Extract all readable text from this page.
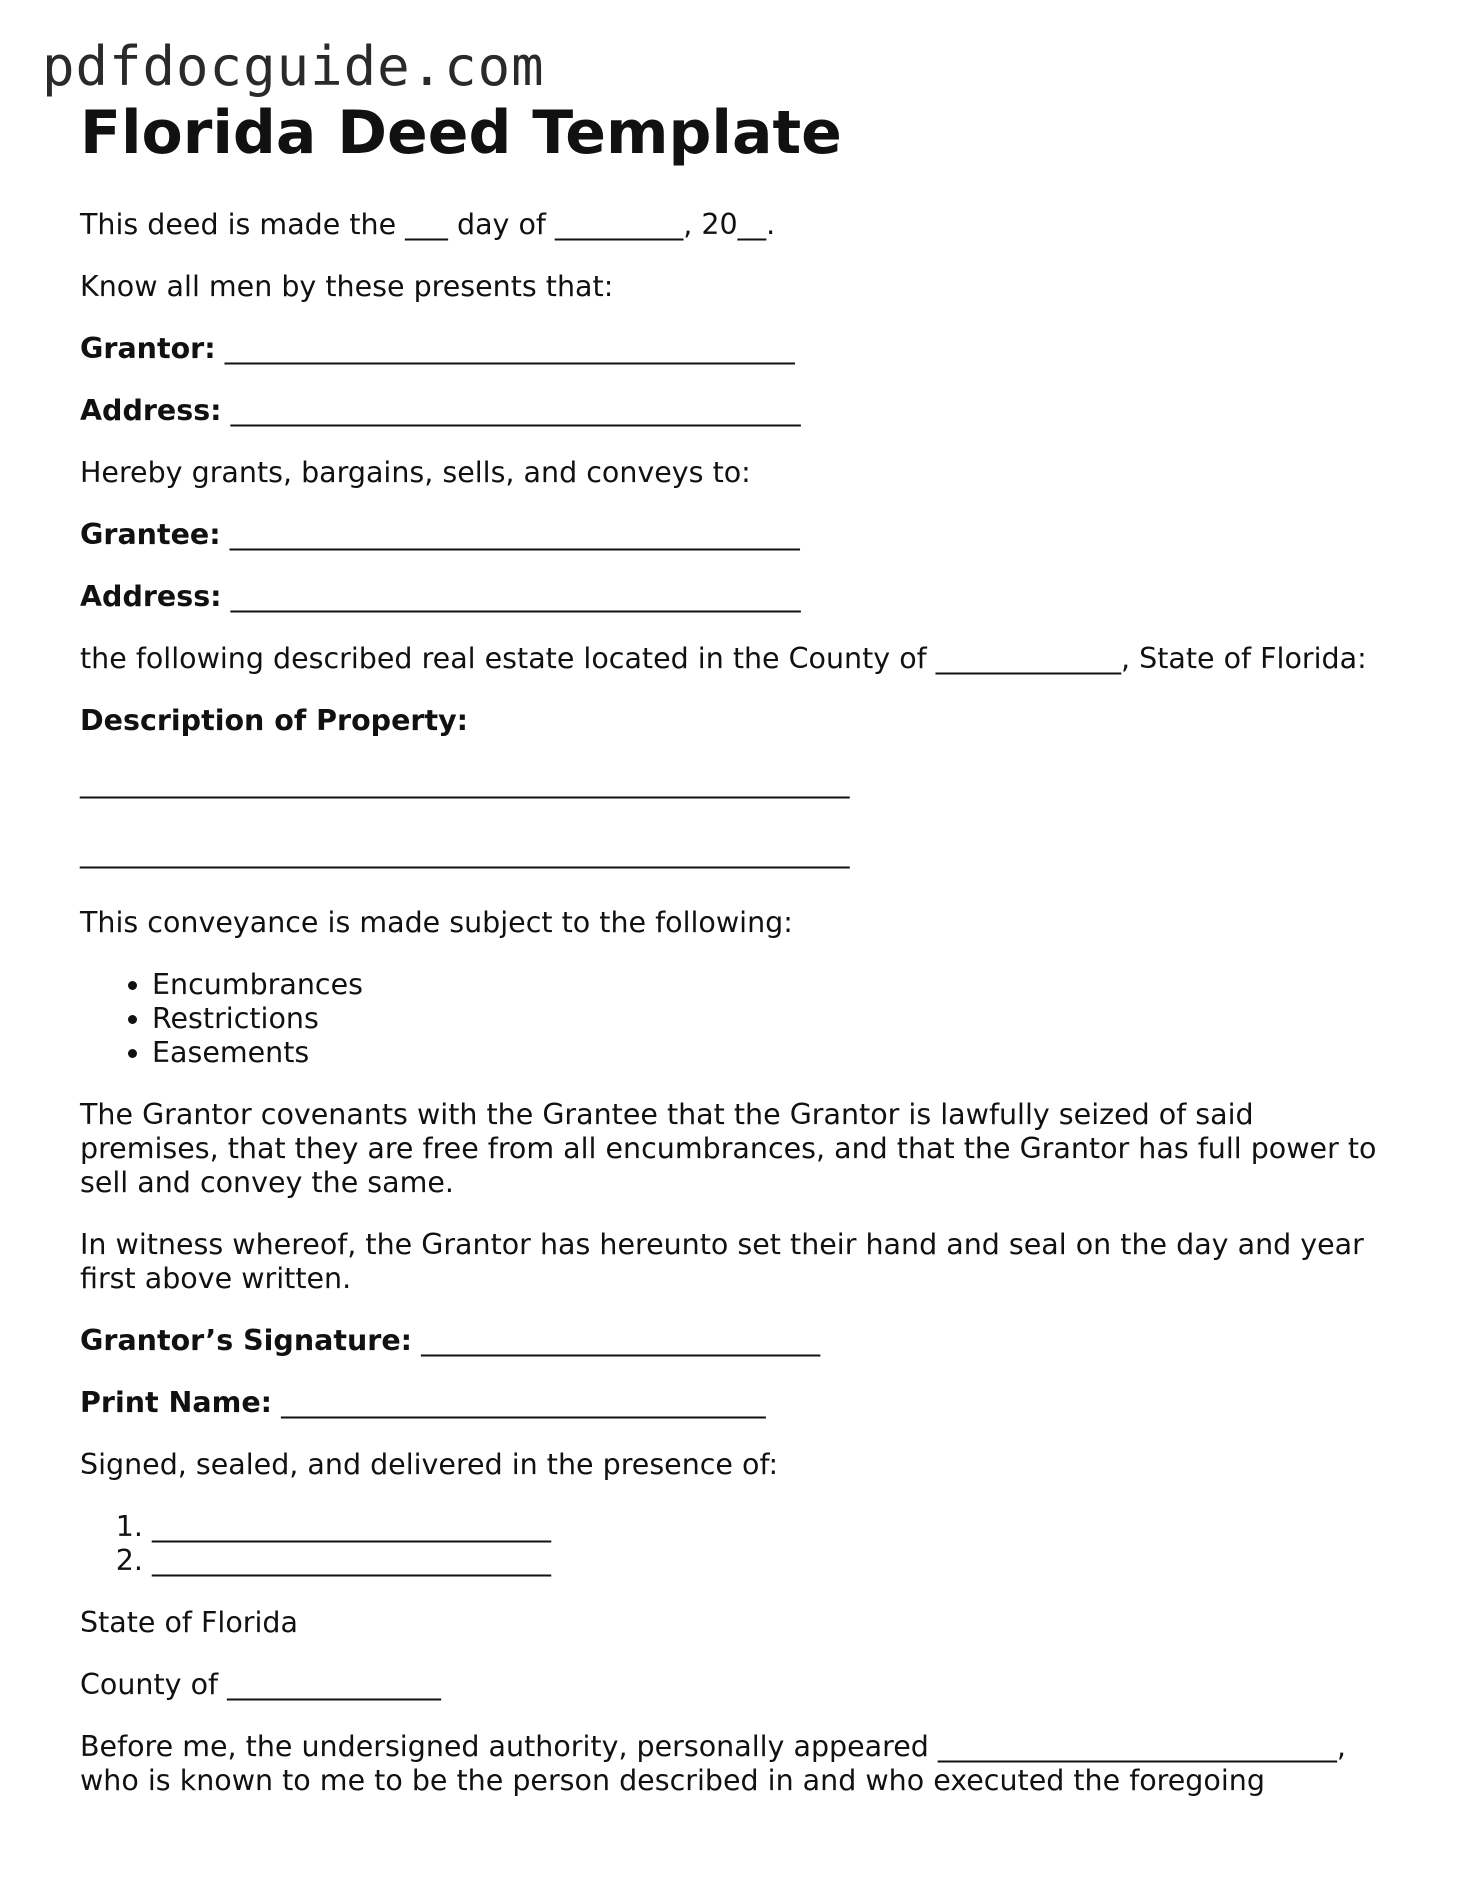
pdfdocguide.com
Florida Deed Template

This deed is made the ___ day of _________, 20__.

Know all men by these presents that:

Grantor: ________________________________________

Address: ________________________________________

Hereby grants, bargains, sells, and conveys to:

Grantee: ________________________________________

Address: ________________________________________

the following described real estate located in the County of _____________, State of Florida:

Description of Property:

______________________________________________________
______________________________________________________

This conveyance is made subject to the following:

• Encumbrances
• Restrictions
• Easements

The Grantor covenants with the Grantee that the Grantor is lawfully seized of said premises, that they are free from all encumbrances, and that the Grantor has full power to sell and convey the same.

In witness whereof, the Grantor has hereunto set their hand and seal on the day and year first above written.

Grantor’s Signature: ____________________________

Print Name: __________________________________

Signed, sealed, and delivered in the presence of:

1. ____________________________
2. ____________________________

State of Florida

County of _______________

Before me, the undersigned authority, personally appeared ____________________________, who is known to me to be the person described in and who executed the foregoing
